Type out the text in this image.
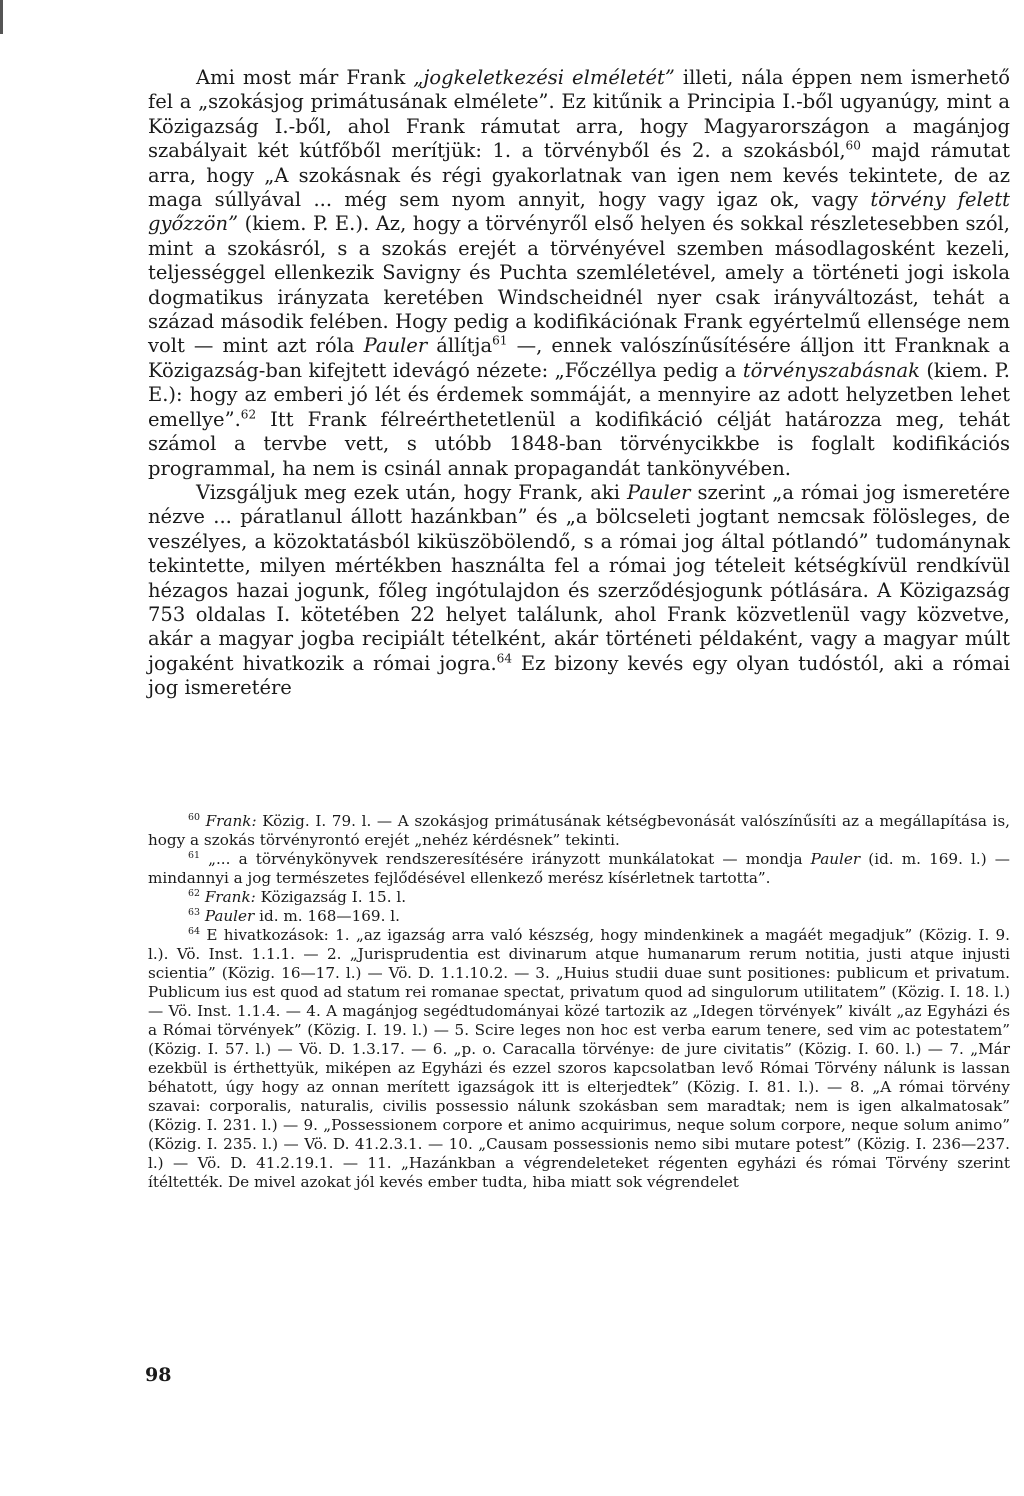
Ami most már Frank „jogkeletkezési elméletét” illeti, nála éppen nem ismerhető fel a „szokásjog primátusának elmélete”. Ez kitűnik a Principia I.-ből ugyanúgy, mint a Közigazság I.-ből, ahol Frank rámutat arra, hogy Magyarországon a magánjog szabályait két kútfőből merítjük: 1. a törvényből és 2. a szokásból,$^{60}$ majd rámutat arra, hogy „A szokásnak és régi gyakorlatnak van igen nem kevés tekintete, de az maga súllyával ... még sem nyom annyit, hogy vagy igaz ok, vagy törvény felett győzzön” (kiem. P. E.). Az, hogy a törvényről első helyen és sokkal részletesebben szól, mint a szokásról, s a szokás erejét a törvényével szemben másodlagosként kezeli, teljességgel ellenkezik Savigny és Puchta szemléletével, amely a történeti jogi iskola dogmatikus irányzata keretében Windscheidnél nyer csak irányváltozást, tehát a század második felében. Hogy pedig a kodifikációnak Frank egyértelmű ellensége nem volt — mint azt róla Pauler állítja$^{61}$ —, ennek valószínűsítésére álljon itt Franknak a Közigazság-ban kifejtett idevágó nézete: „Főczéllya pedig a törvényszabásnak (kiem. P. E.): hogy az emberi jó lét és érdemek sommáját, a mennyire az adott helyzetben lehet emellye”.$^{62}$ Itt Frank félreérthetetlenül a kodifikáció célját határozza meg, tehát számol a tervbe vett, s utóbb 1848-ban törvénycikkbe is foglalt kodifikációs programmal, ha nem is csinál annak propagandát tankönyvében.

Vizsgáljuk meg ezek után, hogy Frank, aki Pauler szerint „a római jog ismeretére nézve ... páratlanul állott hazánkban” és „a bölcseleti jogtant nemcsak fölösleges, de veszélyes, a közoktatásból kiküszöbölendő, s a római jog által pótlandó” tudománynak tekintette, milyen mértékben használta fel a római jog tételeit kétségkívül rendkívül hézagos hazai jogunk, főleg ingótulajdon és szerződésjogunk pótlására. A Közigazság 753 oldalas I. kötetében 22 helyet találunk, ahol Frank közvetlenül vagy közvetve, akár a magyar jogba recipiált tételként, akár történeti példaként, vagy a magyar múlt jogaként hivatkozik a római jogra.$^{64}$ Ez bizony kevés egy olyan tudóstól, aki a római jog ismeretére

$^{60}$ Frank: Közig. I. 79. l. — A szokásjog primátusának kétségbevonását valószínűsíti az a megállapítása is, hogy a szokás törvényrontó erejét „nehéz kérdésnek” tekinti.

$^{61}$ „... a törvénykönyvek rendszeresítésére irányzott munkálatokat — mondja Pauler (id. m. 169. l.) — mindannyi a jog természetes fejlődésével ellenkező merész kísérletnek tartotta”.

$^{62}$ Frank: Közigazság I. 15. l.

$^{63}$ Pauler id. m. 168—169. l.

$^{64}$ E hivatkozások: 1. „az igazság arra való készség, hogy mindenkinek a magáét megadjuk” (Közig. I. 9. l.). Vö. Inst. 1.1.1. — 2. „Jurisprudentia est divinarum atque humanarum rerum notitia, justi atque injusti scientia” (Közig. 16—17. l.) — Vö. D. 1.1.10.2. — 3. „Huius studii duae sunt positiones: publicum et privatum. Publicum ius est quod ad statum rei romanae spectat, privatum quod ad singulorum utilitatem” (Közig. I. 18. l.) — Vö. Inst. 1.1.4. — 4. A magánjog segédtudományai közé tartozik az „Idegen törvények” kivált „az Egyházi és a Római törvények” (Közig. I. 19. l.) — 5. Scire leges non hoc est verba earum tenere, sed vim ac potestatem” (Közig. I. 57. l.) — Vö. D. 1.3.17. — 6. „p. o. Caracalla törvénye: de jure civitatis” (Közig. I. 60. l.) — 7. „Már ezekbül is érthettyük, miképen az Egyházi és ezzel szoros kapcsolatban levő Római Törvény nálunk is lassan béhatott, úgy hogy az onnan merített igazságok itt is elterjedtek” (Közig. I. 81. l.). — 8. „A római törvény szavai: corporalis, naturalis, civilis possessio nálunk szokásban sem maradtak; nem is igen alkalmatosak” (Közig. I. 231. l.) — 9. „Possessionem corpore et animo acquirimus, neque solum corpore, neque solum animo” (Közig. I. 235. l.) — Vö. D. 41.2.3.1. — 10. „Causam possessionis nemo sibi mutare potest” (Közig. I. 236—237. l.) — Vö. D. 41.2.19.1. — 11. „Hazánkban a végrendeleteket régenten egyházi és római Törvény szerint ítéltették. De mivel azokat jól kevés ember tudta, hiba miatt sok végrendelet

98
